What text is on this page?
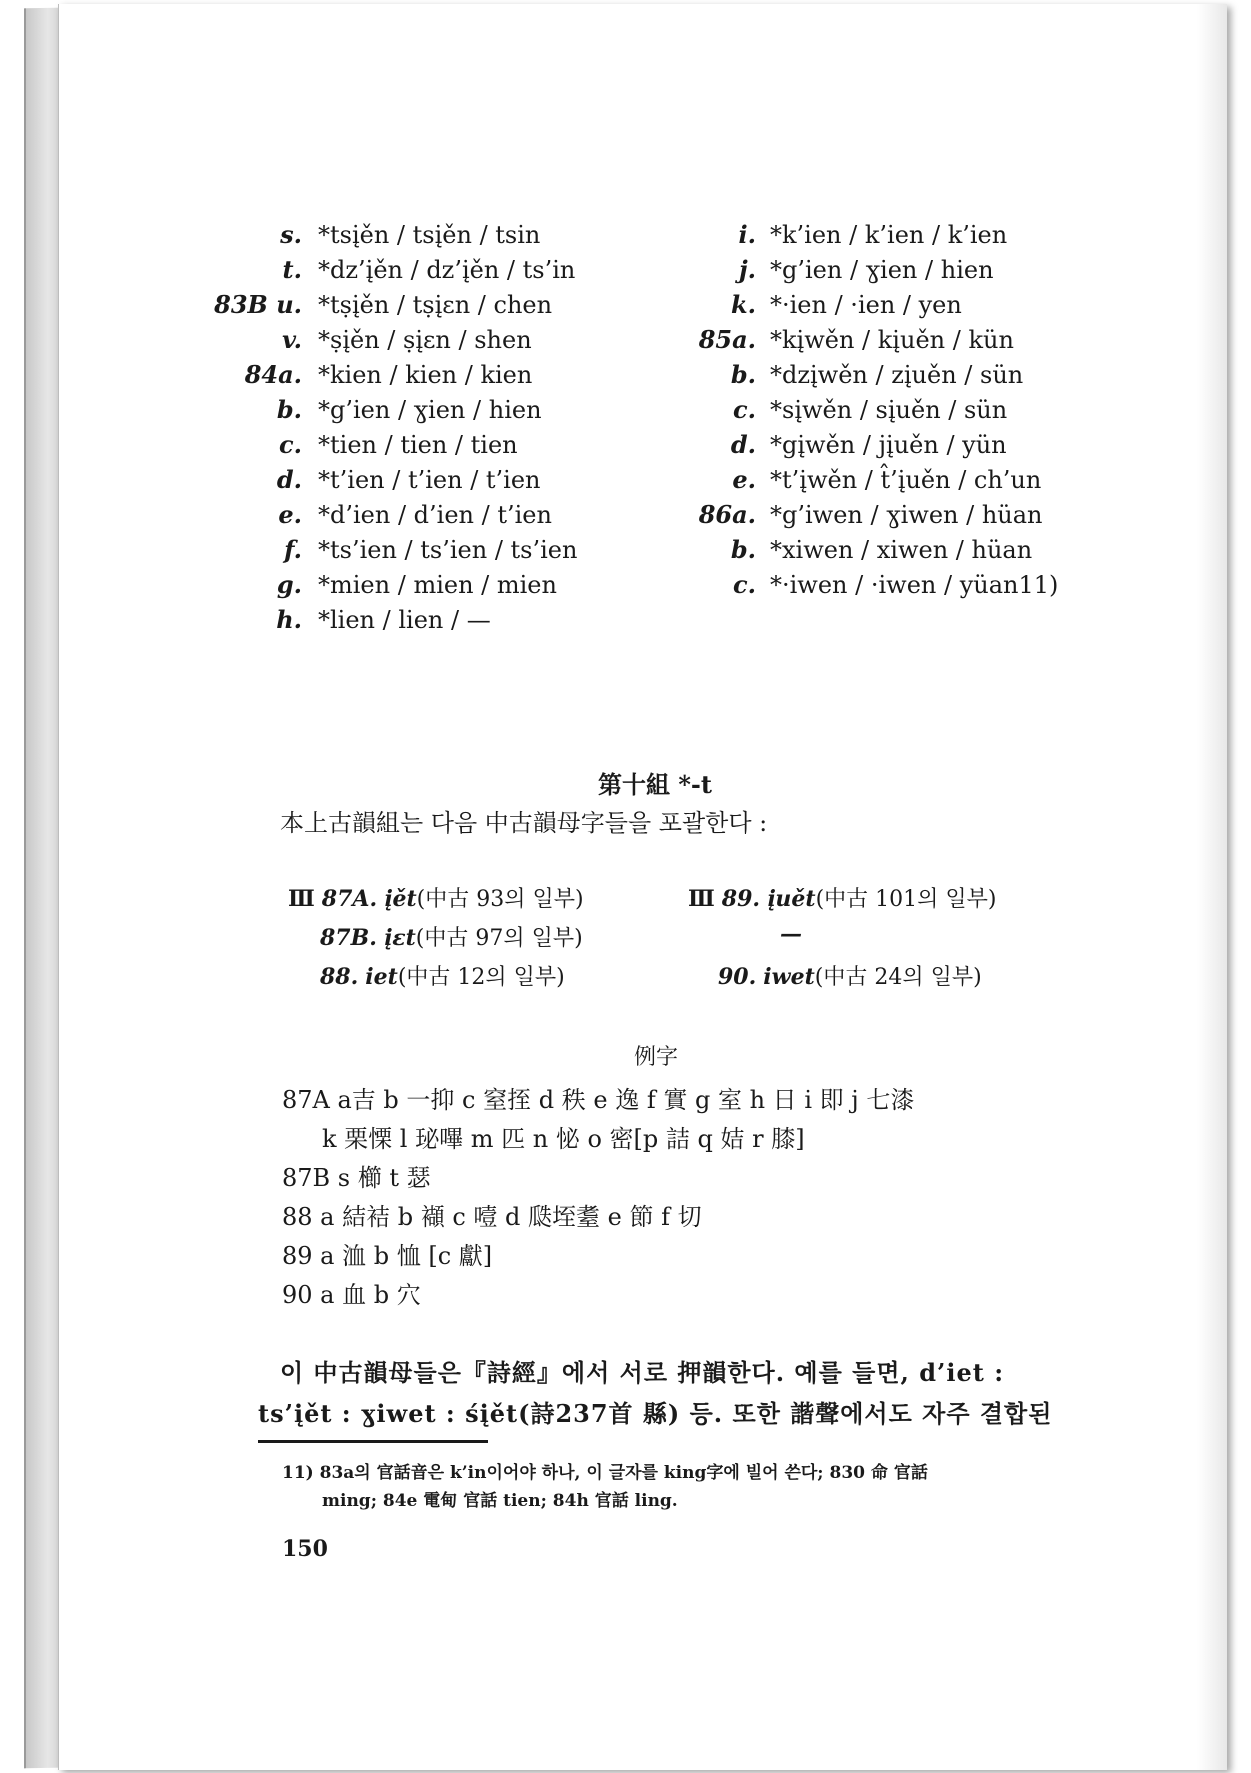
s. *tsįěn / tsįěn / tsin
t. *dz’įěn / dz’įěn / ts’in
83B u. *tṣįěn / tṣįɛn / chen
v. *ṣįěn / ṣįɛn / shen
84a. *kien / kien / kien
b. *g’ien / ɣien / hien
c. *tien / tien / tien
d. *t’ien / t’ien / t’ien
e. *d’ien / d’ien / t’ien
f. *ts’ien / ts’ien / ts’ien
g. *mien / mien / mien
h. *lien / lien / —
i. *k’ien / k’ien / k’ien
j. *g’ien / ɣien / hien
k. *·ien / ·ien / yen
85a. *kįwěn / kįuěn / kün
b. *dzįwěn / zįuěn / sün
c. *sįwěn / sįuěn / sün
d. *gįwěn / jįuěn / yün
e. *t’įwěn / t̂’įuěn / ch’un
86a. *g’iwen / ɣiwen / hüan
b. *xiwen / xiwen / hüan
c. *·iwen / ·iwen / yüan11)
第十組 *-t
本上古韻組는 다음 中古韻母字들을 포괄한다 :
Ⅲ 87A. įět(中古 93의 일부)
87B. įɛt(中古 97의 일부)
88. iet(中古 12의 일부)
Ⅲ 89. įuět(中古 101의 일부)
—
90. iwet(中古 24의 일부)
例字
87A a吉 b 一抑 c 窒挃 d 秩 e 逸 f 實 g 室 h 日 i 即 j 七漆
k 栗慄 l 珌嗶 m 匹 n 怭 o 密[p 詰 q 姞 r 膝]
87B s 櫛 t 瑟
88 a 結袺 b 襭 c 噎 d 瓞垤耋 e 節 f 切
89 a 洫 b 恤 [c 獻]
90 a 血 b 穴
이 中古韻母들은『詩經』에서 서로 押韻한다. 예를 들면, d’iet :
ts’įět : ɣiwet : śįět(詩237首 縣) 등. 또한 諧聲에서도 자주 결합된
11) 83a의 官話音은 k’in이어야 하나, 이 글자를 king字에 빌어 쓴다; 830 命 官話
ming; 84e 電甸 官話 tien; 84h 官話 ling.
150
